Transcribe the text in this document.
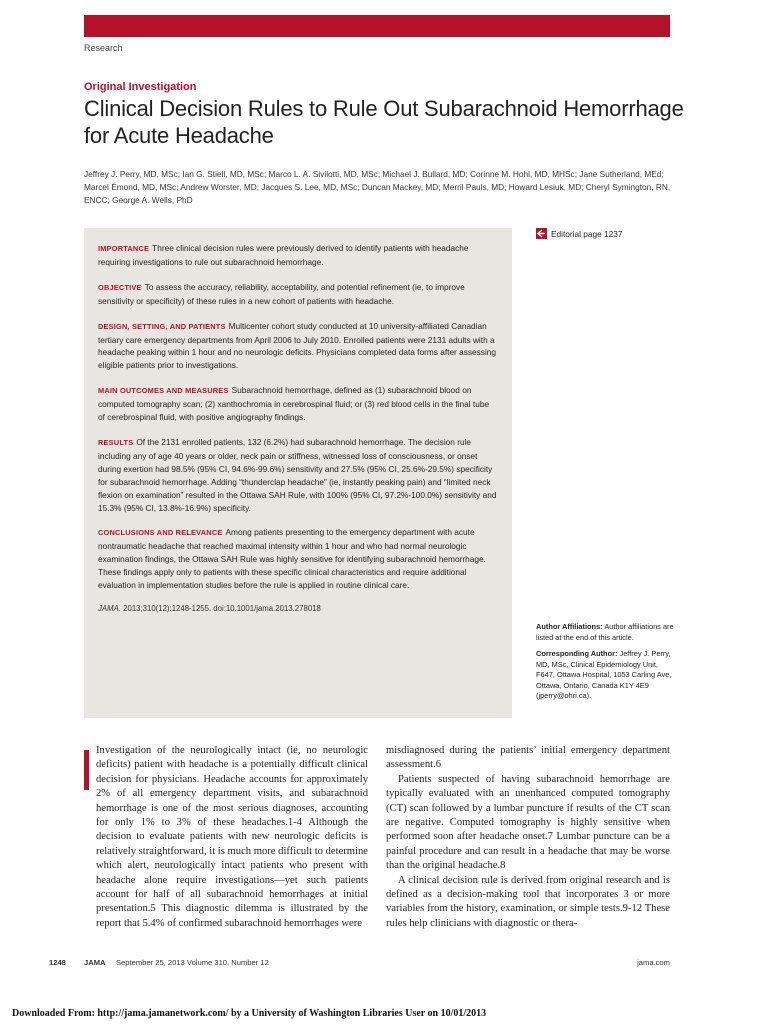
Research
Original Investigation
Clinical Decision Rules to Rule Out Subarachnoid Hemorrhage for Acute Headache
Jeffrey J. Perry, MD, MSc; Ian G. Stiell, MD, MSc; Marco L. A. Sivilotti, MD, MSc; Michael J. Bullard, MD; Corinne M. Hohl, MD, MHSc; Jane Sutherland, MEd; Marcel Émond, MD, MSc; Andrew Worster, MD; Jacques S. Lee, MD, MSc; Duncan Mackey, MD; Merril Pauls, MD; Howard Lesiuk, MD; Cheryl Symington, RN, ENCC; George A. Wells, PhD

IMPORTANCE Three clinical decision rules were previously derived to identify patients with headache requiring investigations to rule out subarachnoid hemorrhage.

OBJECTIVE To assess the accuracy, reliability, acceptability, and potential refinement (ie, to improve sensitivity or specificity) of these rules in a new cohort of patients with headache.

DESIGN, SETTING, AND PATIENTS Multicenter cohort study conducted at 10 university-affiliated Canadian tertiary care emergency departments from April 2006 to July 2010. Enrolled patients were 2131 adults with a headache peaking within 1 hour and no neurologic deficits. Physicians completed data forms after assessing eligible patients prior to investigations.

MAIN OUTCOMES AND MEASURES Subarachnoid hemorrhage, defined as (1) subarachnoid blood on computed tomography scan; (2) xanthochromia in cerebrospinal fluid; or (3) red blood cells in the final tube of cerebrospinal fluid, with positive angiography findings.

RESULTS Of the 2131 enrolled patients, 132 (6.2%) had subarachnoid hemorrhage. The decision rule including any of age 40 years or older, neck pain or stiffness, witnessed loss of consciousness, or onset during exertion had 98.5% (95% CI, 94.6%-99.6%) sensitivity and 27.5% (95% CI, 25.6%-29.5%) specificity for subarachnoid hemorrhage. Adding “thunderclap headache” (ie, instantly peaking pain) and “limited neck flexion on examination” resulted in the Ottawa SAH Rule, with 100% (95% CI, 97.2%-100.0%) sensitivity and 15.3% (95% CI, 13.8%-16.9%) specificity.

CONCLUSIONS AND RELEVANCE Among patients presenting to the emergency department with acute nontraumatic headache that reached maximal intensity within 1 hour and who had normal neurologic examination findings, the Ottawa SAH Rule was highly sensitive for identifying subarachnoid hemorrhage. These findings apply only to patients with these specific clinical characteristics and require additional evaluation in implementation studies before the rule is applied in routine clinical care.

JAMA. 2013;310(12):1248-1255. doi:10.1001/jama.2013.278018
Editorial page 1237

Author Affiliations: Author affiliations are listed at the end of this article.

Corresponding Author: Jeffrey J. Perry, MD, MSc, Clinical Epidemiology Unit, F647, Ottawa Hospital, 1053 Carling Ave, Ottawa, Ontario, Canada K1Y 4E9 (jperry@ohri.ca).

Investigation of the neurologically intact (ie, no neurologic deficits) patient with headache is a potentially difficult clinical decision for physicians. Headache accounts for approximately 2% of all emergency department visits, and subarachnoid hemorrhage is one of the most serious diagnoses, accounting for only 1% to 3% of these headaches.1-4 Although the decision to evaluate patients with new neurologic deficits is relatively straightforward, it is much more difficult to determine which alert, neurologically intact patients who present with headache alone require investigations—yet such patients account for half of all subarachnoid hemorrhages at initial presentation.5 This diagnostic dilemma is illustrated by the report that 5.4% of confirmed subarachnoid hemorrhages were

misdiagnosed during the patients’ initial emergency department assessment.6

Patients suspected of having subarachnoid hemorrhage are typically evaluated with an unenhanced computed tomography (CT) scan followed by a lumbar puncture if results of the CT scan are negative. Computed tomography is highly sensitive when performed soon after headache onset.7 Lumbar puncture can be a painful procedure and can result in a headache that may be worse than the original headache.8

A clinical decision rule is derived from original research and is defined as a decision-making tool that incorporates 3 or more variables from the history, examination, or simple tests.9-12 These rules help clinicians with diagnostic or thera-

1248 JAMA September 25, 2013 Volume 310, Number 12	jama.com
Downloaded From: http://jama.jamanetwork.com/ by a University of Washington Libraries User on 10/01/2013
